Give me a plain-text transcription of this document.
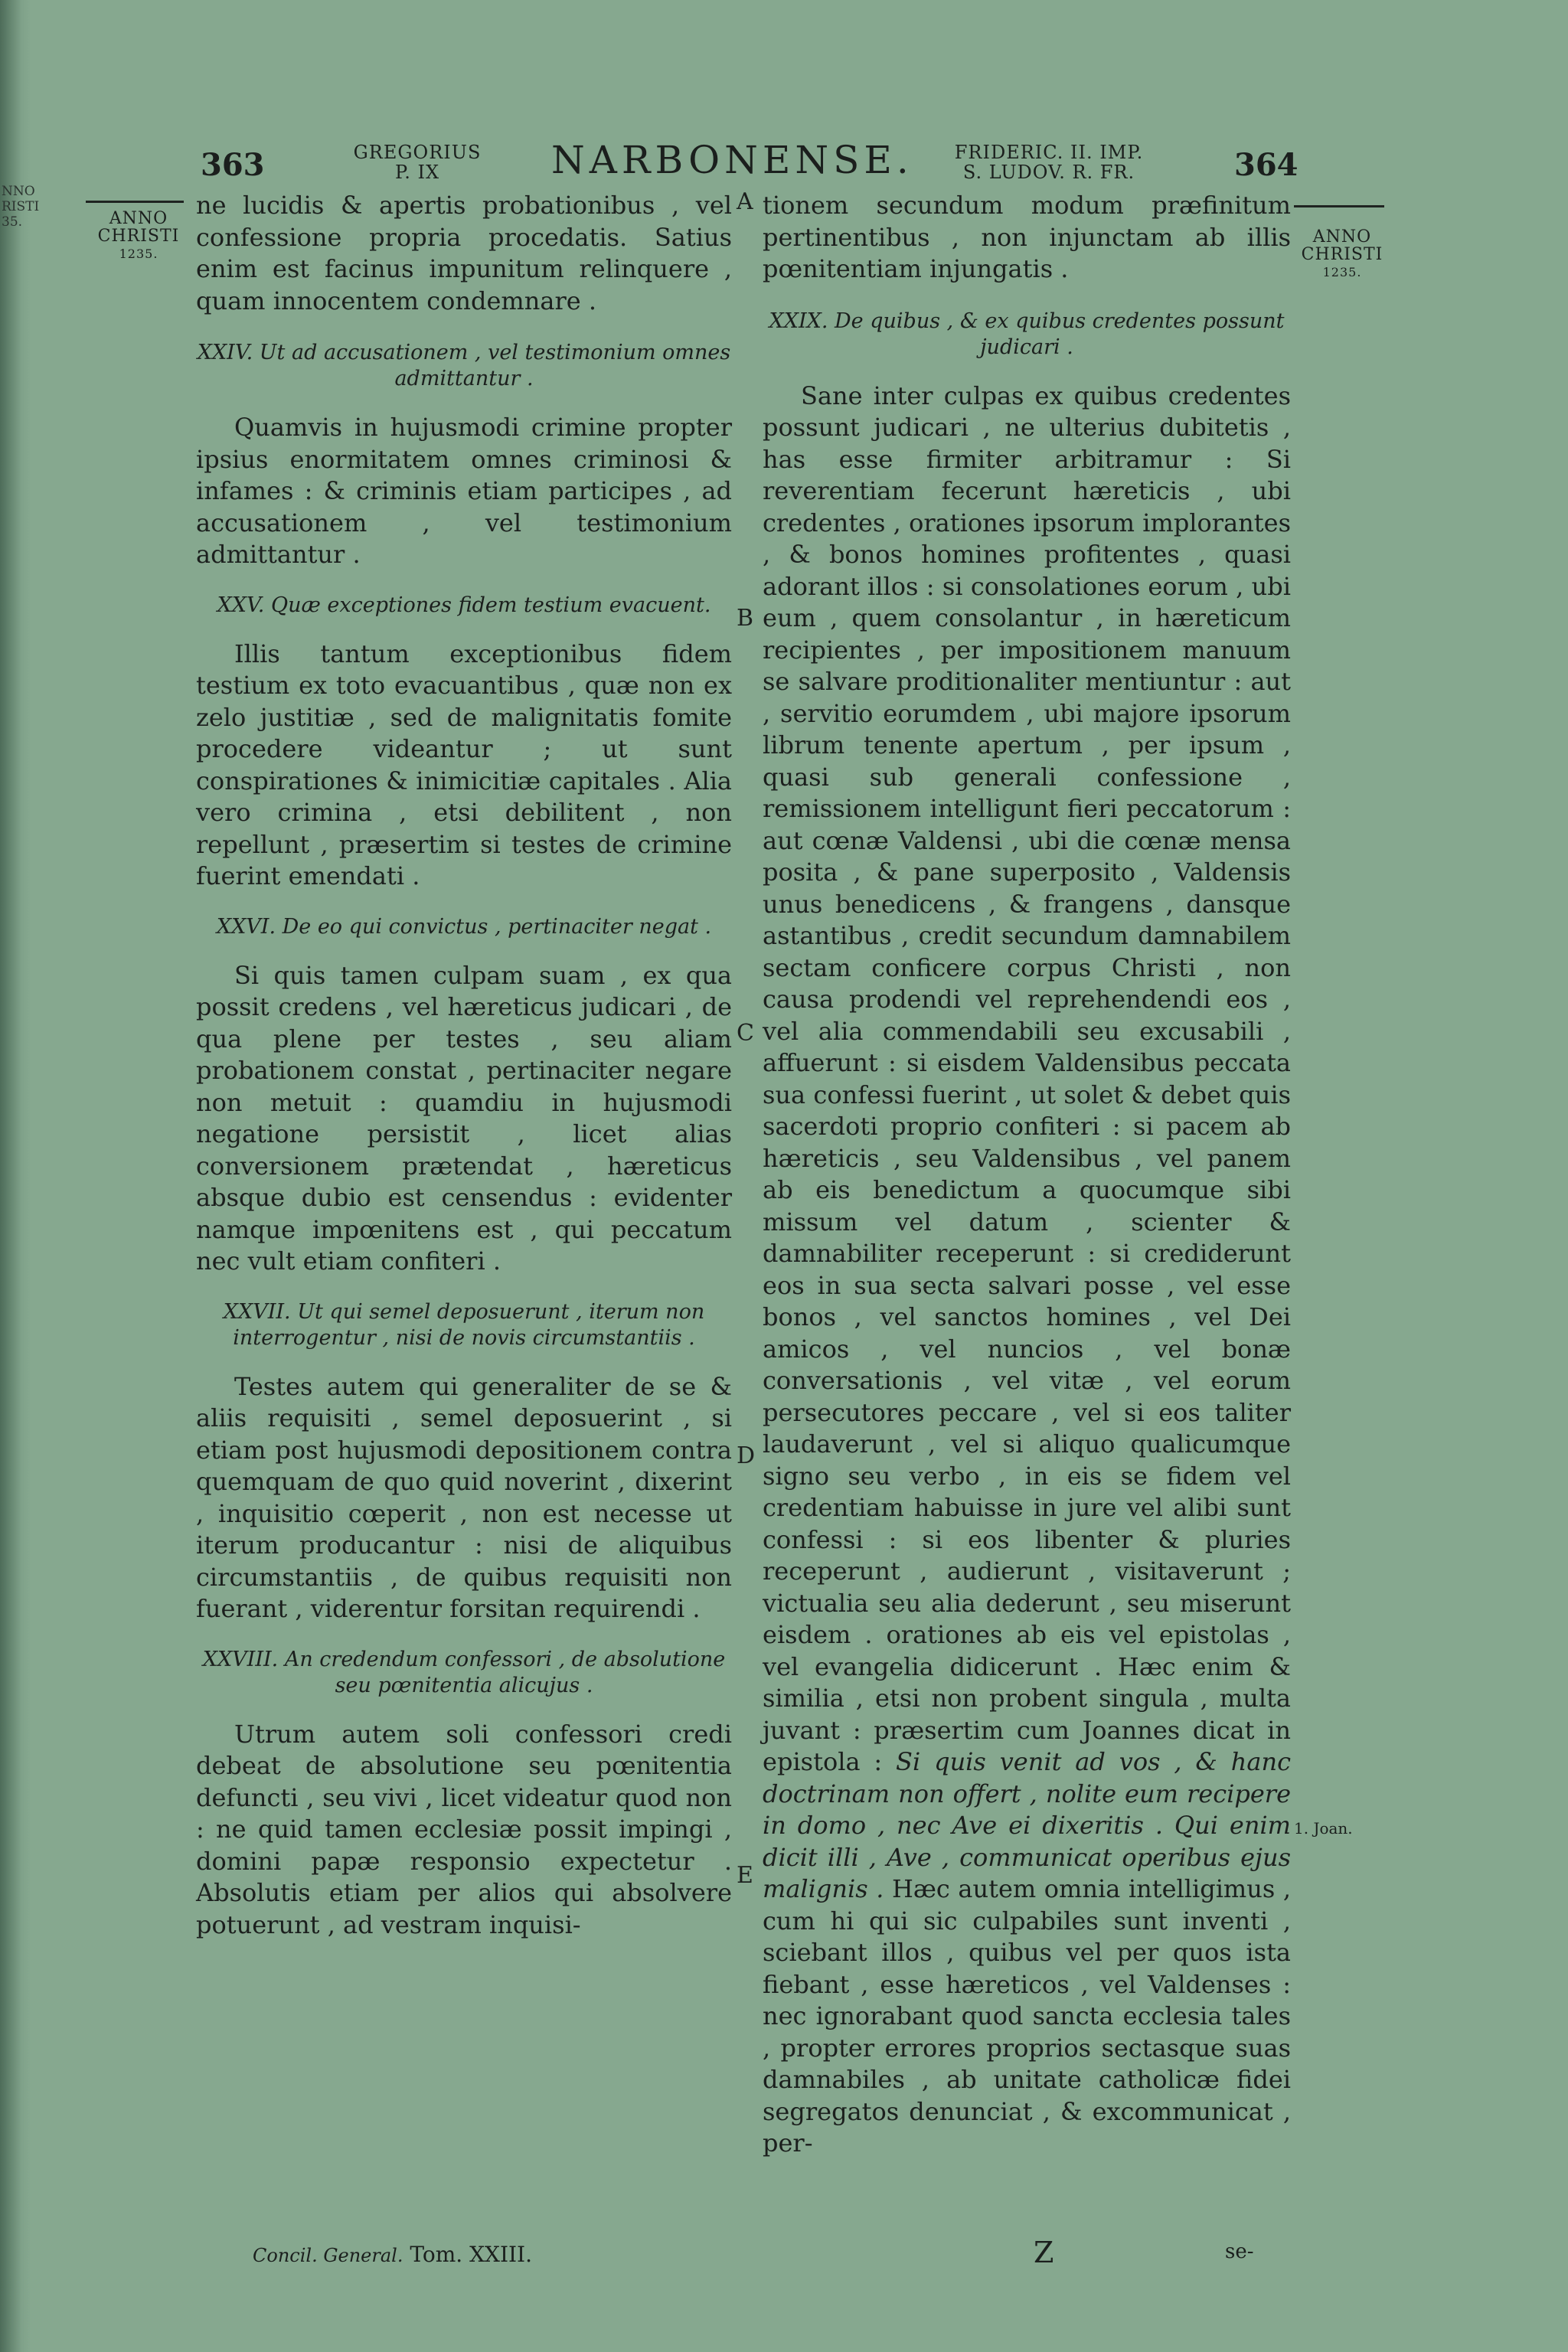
NNO
RISTI
35.
363	GREGORIUS
P. IX	NARBONENSE.	FRIDERIC. II. IMP.
S. LUDOV. R. FR.	364
ANNO
CHRISTI
1235.
ANNO
CHRISTI
1235.
A
B
C
D
E
1. Joan.

ne lucidis & apertis probationibus , vel confessione propria procedatis. Satius enim est facinus impunitum relinquere , quam innocentem condemnare .

XXIV. Ut ad accusationem , vel testimonium omnes admittantur .

Quamvis in hujusmodi crimine propter ipsius enormitatem omnes criminosi & infames : & criminis etiam participes , ad accusationem , vel testimonium admittantur .

XXV. Quæ exceptiones fidem testium evacuent.

Illis tantum exceptionibus fidem testium ex toto evacuantibus , quæ non ex zelo justitiæ , sed de malignitatis fomite procedere videantur ; ut sunt conspirationes & inimicitiæ capitales . Alia vero crimina , etsi debilitent , non repellunt , præsertim si testes de crimine fuerint emendati .

XXVI. De eo qui convictus , pertinaciter negat .

Si quis tamen culpam suam , ex qua possit credens , vel hæreticus judicari , de qua plene per testes , seu aliam probationem constat , pertinaciter negare non metuit : quamdiu in hujusmodi negatione persistit , licet alias conversionem prætendat , hæreticus absque dubio est censendus : evidenter namque impœnitens est , qui peccatum nec vult etiam confiteri .

XXVII. Ut qui semel deposuerunt , iterum non interrogentur , nisi de novis circumstantiis .

Testes autem qui generaliter de se & aliis requisiti , semel deposuerint , si etiam post hujusmodi depositionem contra quemquam de quo quid noverint , dixerint , inquisitio cœperit , non est necesse ut iterum producantur : nisi de aliquibus circumstantiis , de quibus requisiti non fuerant , viderentur forsitan requirendi .

XXVIII. An credendum confessori , de absolutione seu pœnitentia alicujus .

Utrum autem soli confessori credi debeat de absolutione seu pœnitentia defuncti , seu vivi , licet videatur quod non : ne quid tamen ecclesiæ possit impingi , domini papæ responsio expectetur . Absolutis etiam per alios qui absolvere potuerunt , ad vestram inquisi-

tionem secundum modum præfinitum pertinentibus , non injunctam ab illis pœnitentiam injungatis .

XXIX. De quibus , & ex quibus credentes possunt judicari .

Sane inter culpas ex quibus credentes possunt judicari , ne ulterius dubitetis , has esse firmiter arbitramur : Si reverentiam fecerunt hæreticis , ubi credentes , orationes ipsorum implorantes , & bonos homines profitentes , quasi adorant illos : si consolationes eorum , ubi eum , quem consolantur , in hæreticum recipientes , per impositionem manuum se salvare proditionaliter mentiuntur : aut , servitio eorumdem , ubi majore ipsorum librum tenente apertum , per ipsum , quasi sub generali confessione , remissionem intelligunt fieri peccatorum : aut cœnæ Valdensi , ubi die cœnæ mensa posita , & pane superposito , Valdensis unus benedicens , & frangens , dansque astantibus , credit secundum damnabilem sectam conficere corpus Christi , non causa prodendi vel reprehendendi eos , vel alia commendabili seu excusabili , affuerunt : si eisdem Valdensibus peccata sua confessi fuerint , ut solet & debet quis sacerdoti proprio confiteri : si pacem ab hæreticis , seu Valdensibus , vel panem ab eis benedictum a quocumque sibi missum vel datum , scienter & damnabiliter receperunt : si crediderunt eos in sua secta salvari posse , vel esse bonos , vel sanctos homines , vel Dei amicos , vel nuncios , vel bonæ conversationis , vel vitæ , vel eorum persecutores peccare , vel si eos taliter laudaverunt , vel si aliquo qualicumque signo seu verbo , in eis se fidem vel credentiam habuisse in jure vel alibi sunt confessi : si eos libenter & pluries receperunt , audierunt , visitaverunt ; victualia seu alia dederunt , seu miserunt eisdem . orationes ab eis vel epistolas , vel evangelia didicerunt . Hæc enim & similia , etsi non probent singula , multa juvant : præsertim cum Joannes dicat in epistola : Si quis venit ad vos , & hanc doctrinam non offert , nolite eum recipere in domo , nec Ave ei dixeritis . Qui enim dicit illi , Ave , communicat operibus ejus malignis . Hæc autem omnia intelligimus , cum hi qui sic culpabiles sunt inventi , sciebant illos , quibus vel per quos ista fiebant , esse hæreticos , vel Valdenses : nec ignorabant quod sancta ecclesia tales , propter errores proprios sectasque suas damnabiles , ab unitate catholicæ fidei segregatos denunciat , & excommunicat , per-

Concil. General. Tom. XXIII.	Z	se-
